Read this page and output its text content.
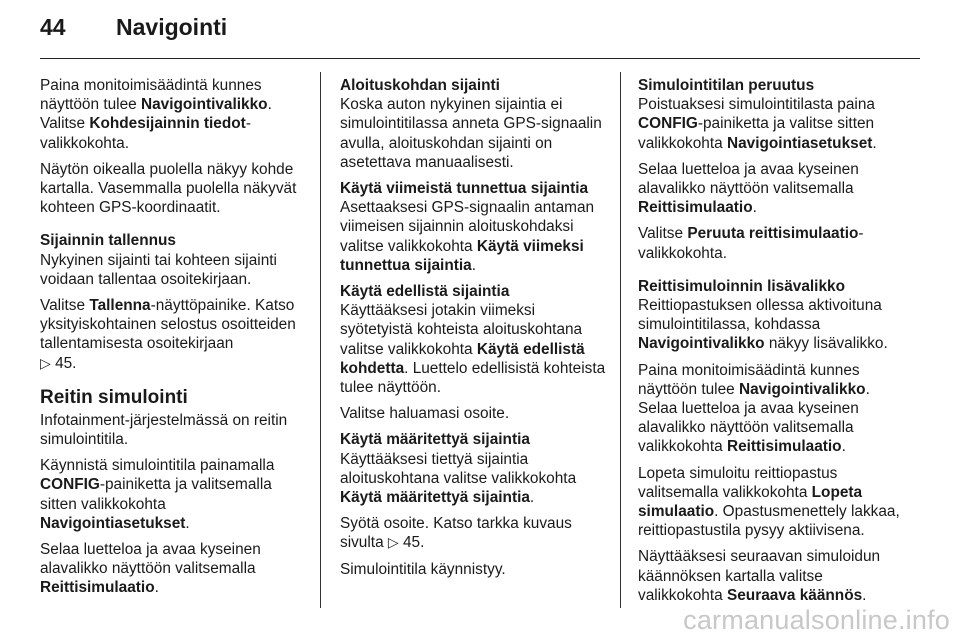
44 Navigointi

Paina monitoimisäädintä kunnes näyttöön tulee Navigointivalikko. Valitse Kohdesijainnin tiedot-valikkokohta.

Näytön oikealla puolella näkyy kohde kartalla. Vasemmalla puolella näkyvät kohteen GPS-koordinaatit.

Sijainnin tallennus

Nykyinen sijainti tai kohteen sijainti voidaan tallentaa osoitekirjaan.

Valitse Tallenna-näyttöpainike. Katso yksityiskohtainen selostus osoitteiden tallentamisesta osoitekirjaan
▷ 45.

Reitin simulointi

Infotainment-järjestelmässä on reitin simulointitila.

Käynnistä simulointitila painamalla CONFIG-painiketta ja valitsemalla sitten valikkokohta Navigointiasetukset.

Selaa luetteloa ja avaa kyseinen alavalikko näyttöön valitsemalla Reittisimulaatio.

Aloituskohdan sijainti

Koska auton nykyinen sijaintia ei simulointitilassa anneta GPS-signaalin avulla, aloituskohdan sijainti on asetettava manuaalisesti.

Käytä viimeistä tunnettua sijaintia

Asettaaksesi GPS-signaalin antaman viimeisen sijainnin aloituskohdaksi valitse valikkokohta Käytä viimeksi tunnettua sijaintia.

Käytä edellistä sijaintia

Käyttääksesi jotakin viimeksi syötetyistä kohteista aloituskohtana valitse valikkokohta Käytä edellistä kohdetta. Luettelo edellisistä kohteista tulee näyttöön.

Valitse haluamasi osoite.

Käytä määritettyä sijaintia

Käyttääksesi tiettyä sijaintia aloituskohtana valitse valikkokohta Käytä määritettyä sijaintia.

Syötä osoite. Katso tarkka kuvaus sivulta ▷ 45.

Simulointitila käynnistyy.

Simulointitilan peruutus

Poistuaksesi simulointitilasta paina CONFIG-painiketta ja valitse sitten valikkokohta Navigointiasetukset.

Selaa luetteloa ja avaa kyseinen alavalikko näyttöön valitsemalla Reittisimulaatio.

Valitse Peruuta reittisimulaatio-valikkokohta.

Reittisimuloinnin lisävalikko

Reittiopastuksen ollessa aktivoituna simulointitilassa, kohdassa Navigointivalikko näkyy lisävalikko.

Paina monitoimisäädintä kunnes näyttöön tulee Navigointivalikko. Selaa luetteloa ja avaa kyseinen alavalikko näyttöön valitsemalla valikkokohta Reittisimulaatio.

Lopeta simuloitu reittiopastus valitsemalla valikkokohta Lopeta simulaatio. Opastusmenettely lakkaa, reittiopastustila pysyy aktiivisena.

Näyttääksesi seuraavan simuloidun käännöksen kartalla valitse valikkokohta Seuraava käännös.

carmanualsonline.info
